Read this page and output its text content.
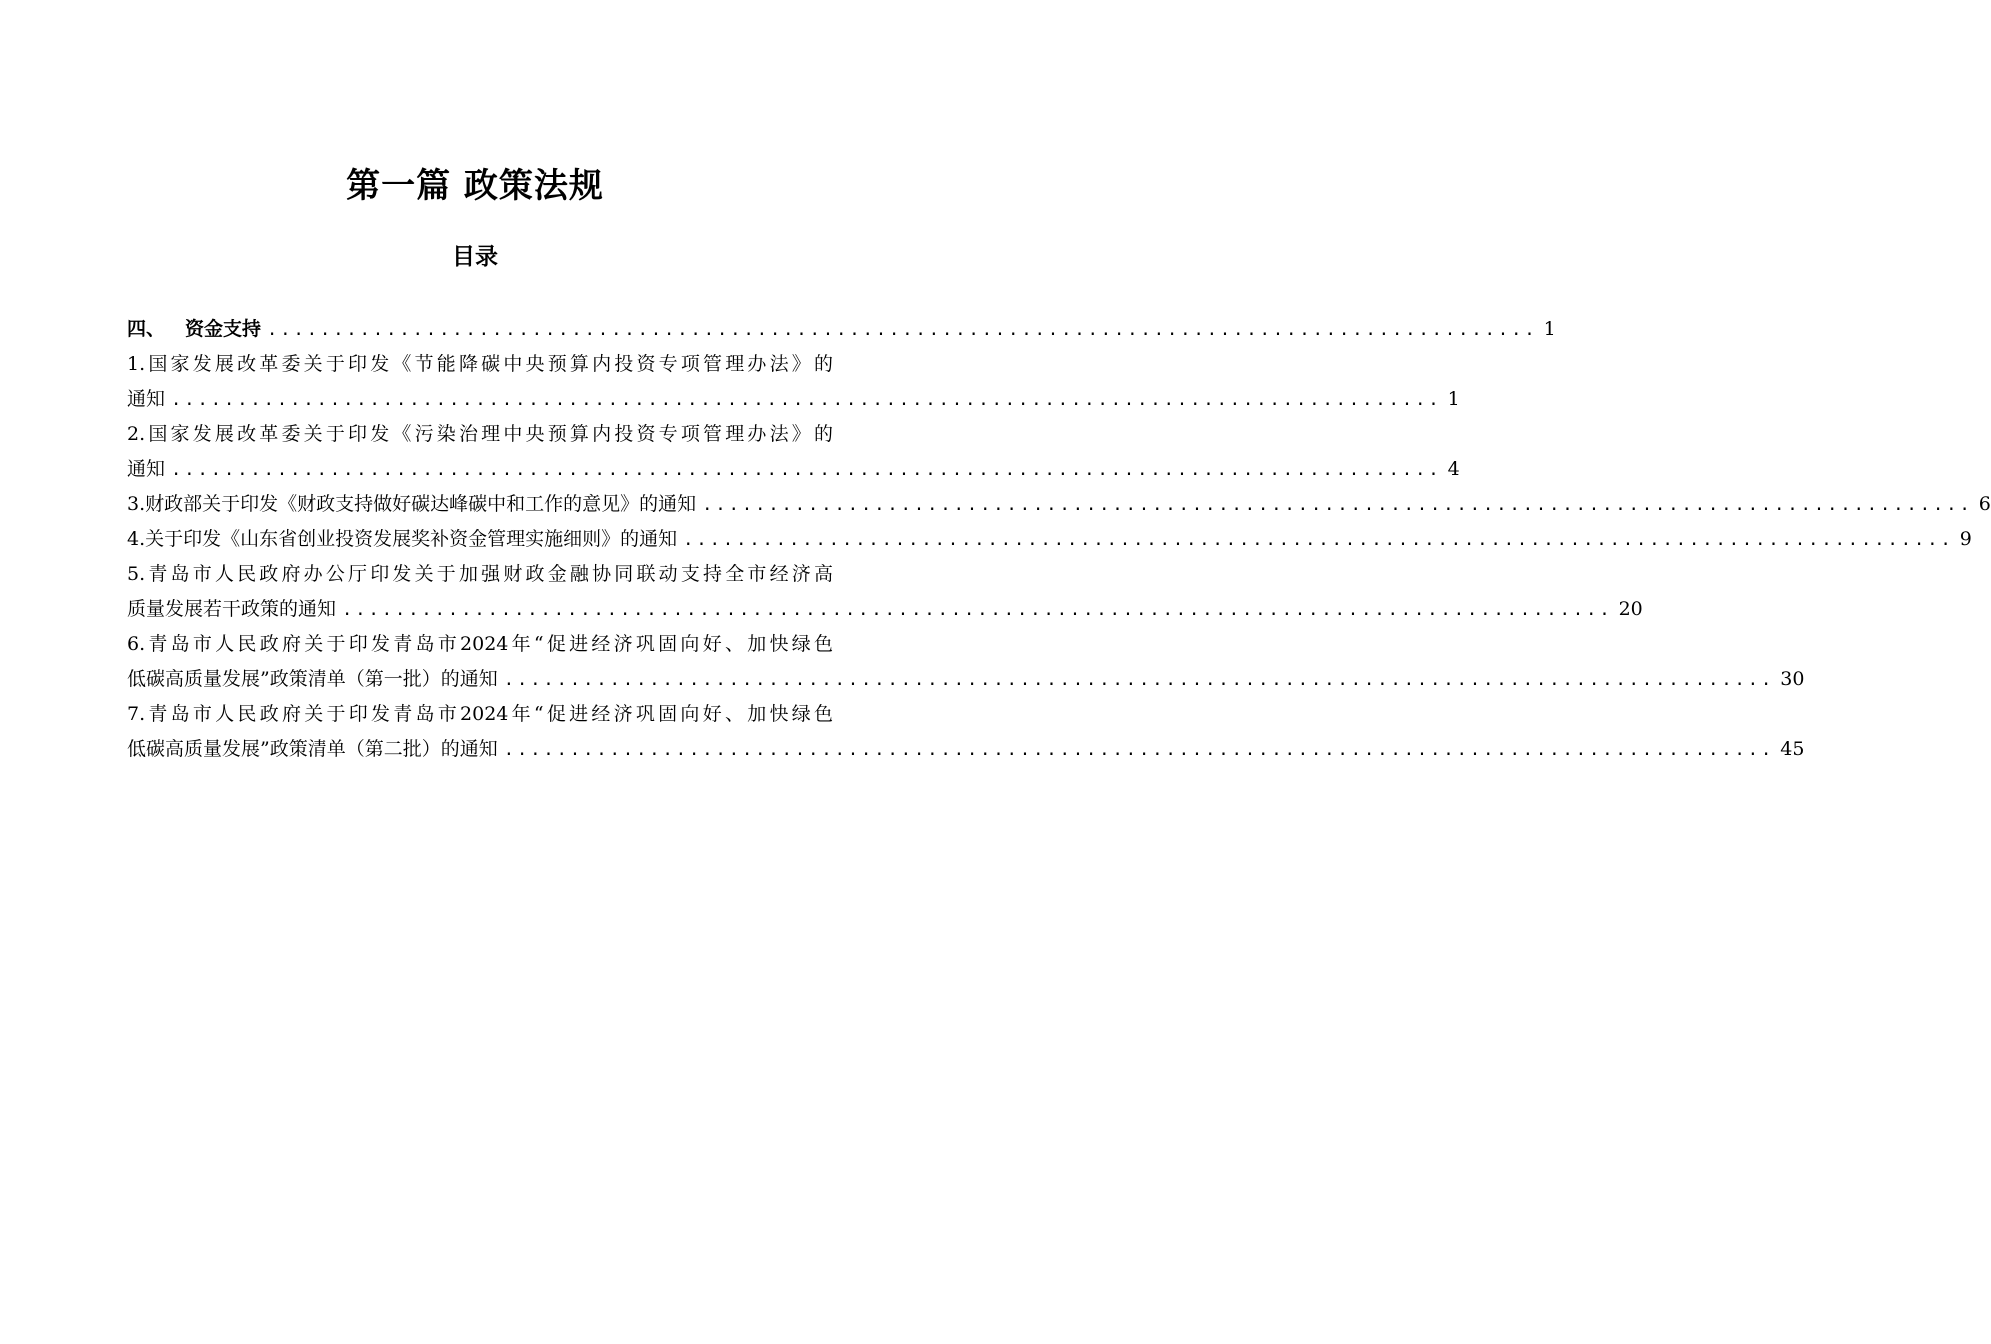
第一篇 政策法规
目录
四、 资金支持 ................................................................................................ 1
1.国家发展改革委关于印发《节能降碳中央预算内投资专项管理办法》的
通知 ................................................................................................ 1
2.国家发展改革委关于印发《污染治理中央预算内投资专项管理办法》的
通知 ................................................................................................ 4
3.财政部关于印发《财政支持做好碳达峰碳中和工作的意见》的通知 ................................................................................................ 6
4.关于印发《山东省创业投资发展奖补资金管理实施细则》的通知 ................................................................................................ 9
5.青岛市人民政府办公厅印发关于加强财政金融协同联动支持全市经济高
质量发展若干政策的通知 ................................................................................................ 20
6.青岛市人民政府关于印发青岛市2024年“促进经济巩固向好、加快绿色
低碳高质量发展”政策清单（第一批）的通知 ................................................................................................ 30
7.青岛市人民政府关于印发青岛市2024年“促进经济巩固向好、加快绿色
低碳高质量发展”政策清单（第二批）的通知 ................................................................................................ 45
